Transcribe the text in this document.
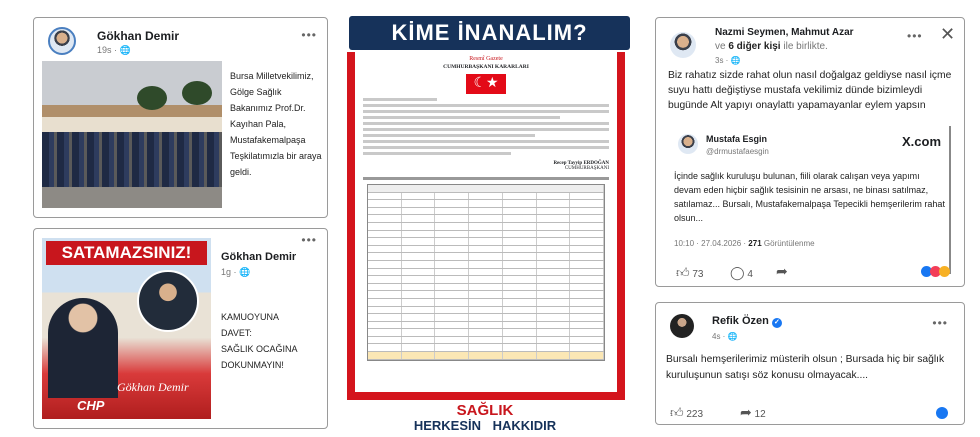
Gökhan Demir
19s · 🌐
•••
Bursa Milletvekilimiz, Gölge Sağlık Bakanımız Prof.Dr. Kayıhan Pala, Mustafakemalpaşa Teşkilatımızla bir araya geldi.
SATAMAZSINIZ!
Gökhan Demir
CHP
Gökhan Demir
1g · 🌐
•••
KAMUOYUNA
DAVET:
SAĞLIK OCAĞINA
DOKUNMAYIN!
KİME İNANALIM?
Resmî Gazete
CUMHURBAŞKANI KARARLARI
☾★
Recep Tayyip ERDOĞAN
CUMHURBAŞKANI
SAĞLIK
HERKESİN HAKKIDIR
Nazmi Seymen, Mahmut Azar
ve 6 diğer kişi ile birlikte.
3s · 🌐
••• ✕
Biz rahatız sizde rahat olun nasıl doğalgaz geldiyse nasıl içme suyu hattı değiştiyse mustafa vekilimiz dünde bizimleydi bugünde Alt yapıyı onaylattı yapamayanlar eylem yapsın
Mustafa Esgin
@drmustafaesgin
X.com
İçinde sağlık kuruluşu bulunan, fiili olarak calışan veya yapımı devam eden hiçbir sağlık tesisinin ne arsası, ne binası satılmaz, satılamaz... Bursalı, Mustafakemalpaşa Tepecikli hemşerilerim rahat olsun...
10:10 · 27.04.2026 · 271 Görüntülenme
👍︎ 73 ◯ 4 ➦
Refik Özen ✓
4s · 🌐
•••
Bursalı hemşerilerimiz müsterih olsun ; Bursada hiç bir sağlık kuruluşunun satışı söz konusu olmayacak....
👍︎ 223	➦ 12
